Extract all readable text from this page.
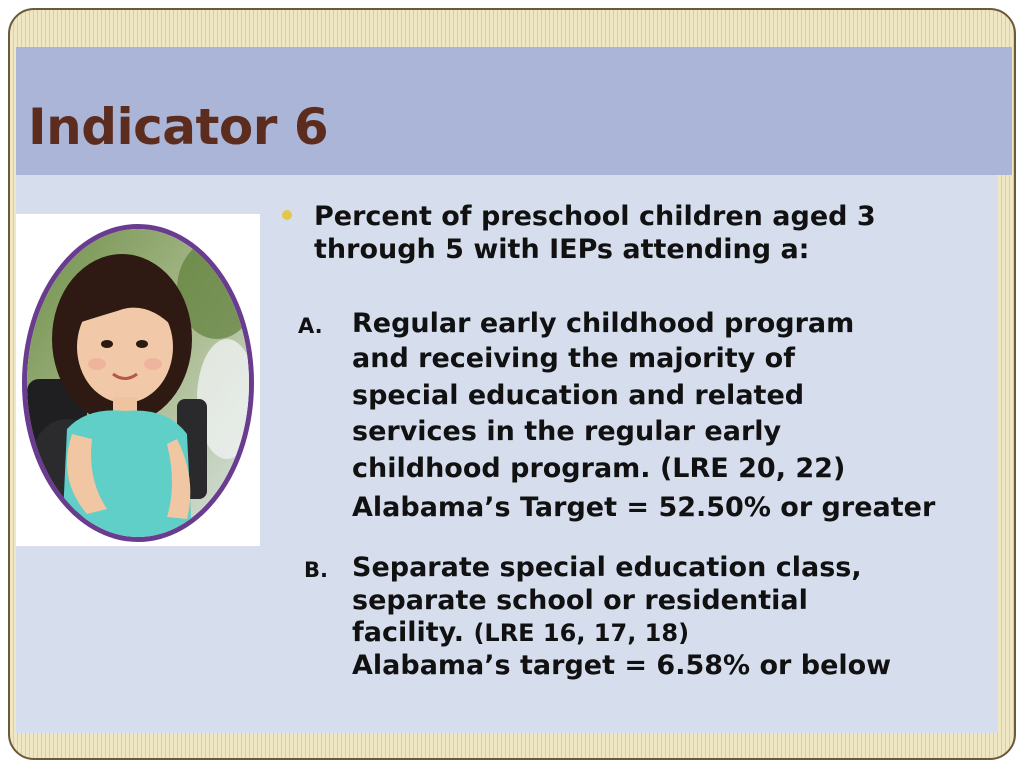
Indicator 6

Percent of preschool children aged 3
through 5 with IEPs attending a:

A. Regular early childhood program
and receiving the majority of
special education and related
services in the regular early
childhood program. (LRE 20, 22)
Alabama’s Target = 52.50% or greater
B. Separate special education class,
separate school or residential
facility. (LRE 16, 17, 18)
Alabama’s target = 6.58% or below
